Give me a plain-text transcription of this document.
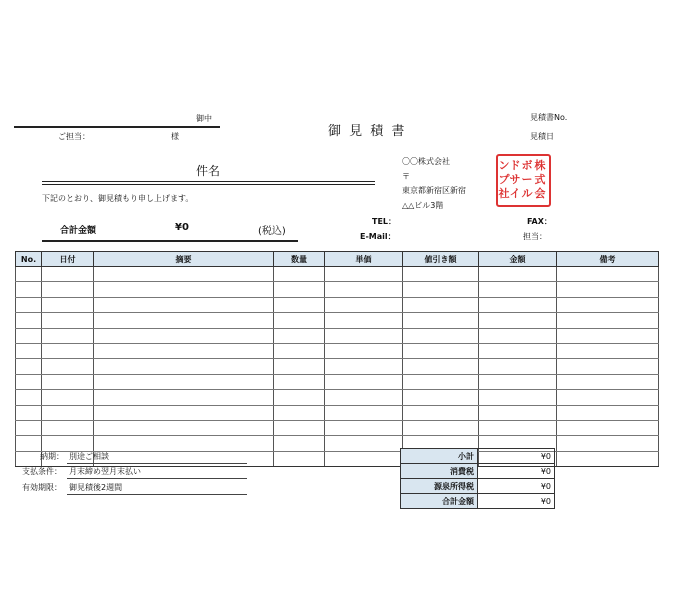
御中
ご担当：	様	御 見 積 書
見積書No.
見積日
件名
下記のとおり、御見積もり申し上げます。
合計金額	¥0	(税込)
〇〇株式会社
〒
東京都新宿区新宿
△△ビル3階
TEL：
E-Mail：
FAX：
担当：
株
式
会
ボ
ー
ル
ド
サ
イ
ン
プ
社
No.	日付	摘要	数量	単価	値引き額	金額	備考

納期： 別途ご相談
支払条件： 月末締め翌月末払い
有効期限： 御見積後2週間
小計	¥0
消費税	¥0
源泉所得税	¥0
合計金額	¥0
